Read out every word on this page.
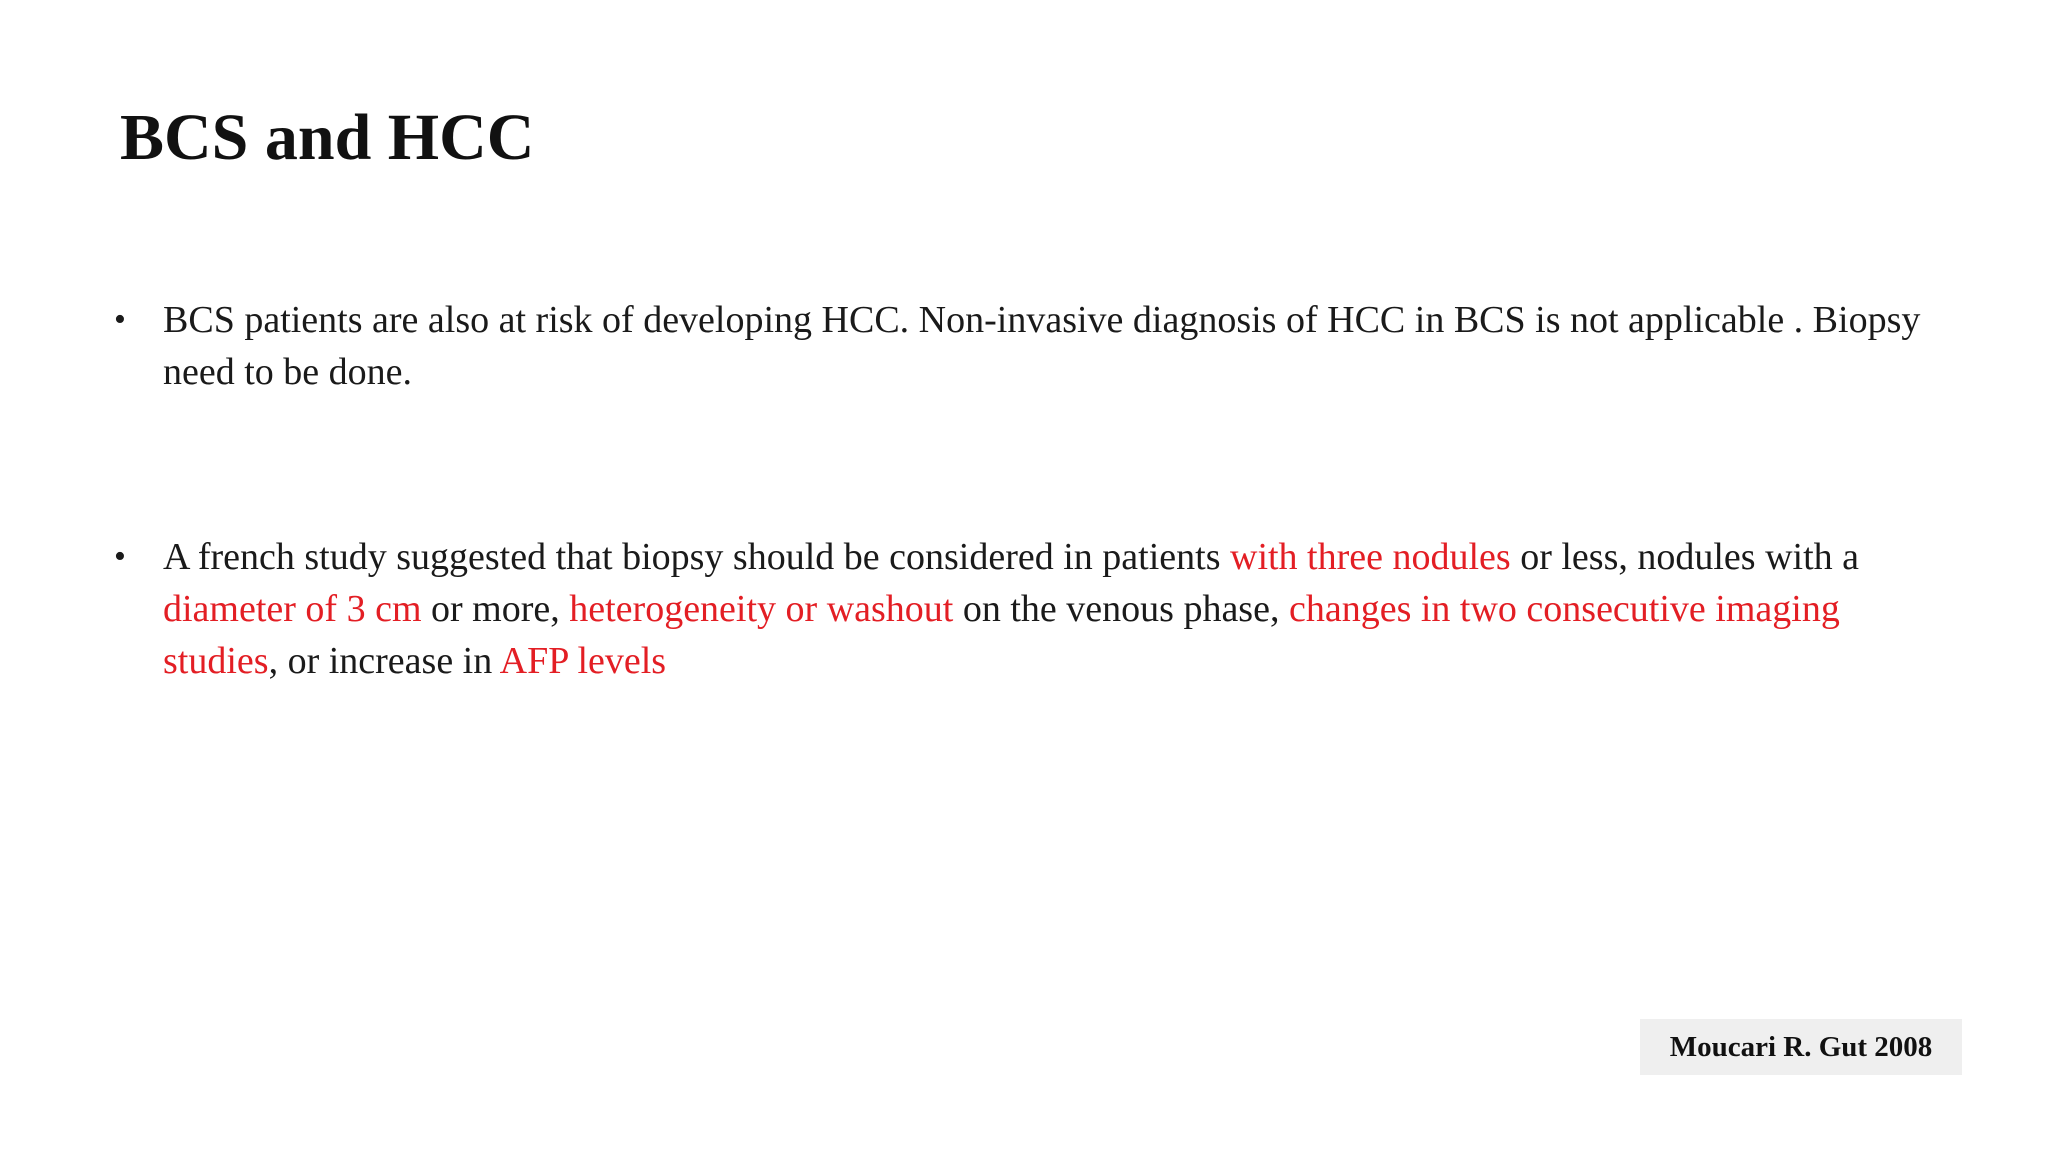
BCS and HCC
• BCS patients are also at risk of developing HCC. Non-invasive diagnosis of HCC in BCS is not applicable . Biopsy need to be done.
• A french study suggested that biopsy should be considered in patients with three nodules or less, nodules with a diameter of 3 cm or more, heterogeneity or washout on the venous phase, changes in two consecutive imaging studies, or increase in AFP levels
Moucari R. Gut 2008
